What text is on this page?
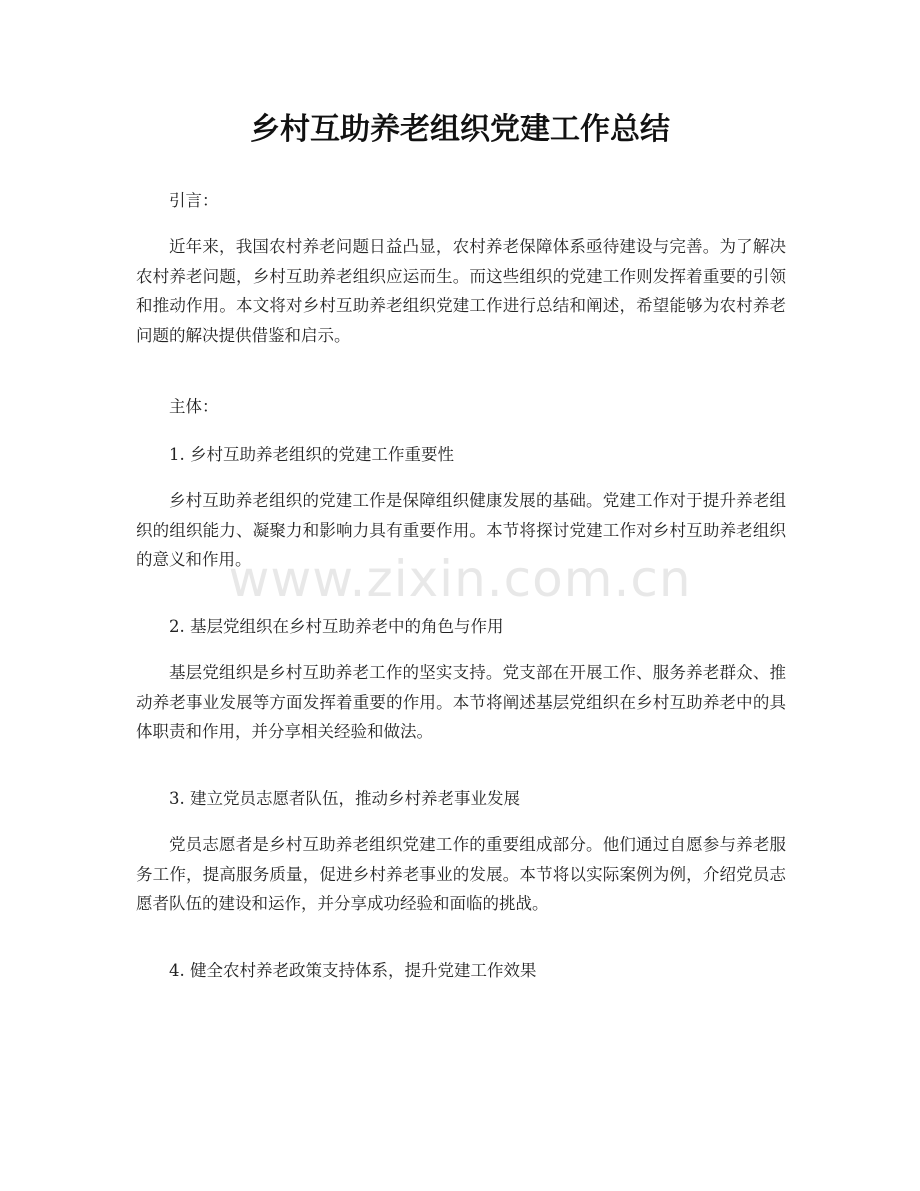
乡村互助养老组织党建工作总结

引言：

近年来，我国农村养老问题日益凸显，农村养老保障体系亟待建设与完善。为了解决农村养老问题，乡村互助养老组织应运而生。而这些组织的党建工作则发挥着重要的引领和推动作用。本文将对乡村互助养老组织党建工作进行总结和阐述，希望能够为农村养老问题的解决提供借鉴和启示。

主体：

1. 乡村互助养老组织的党建工作重要性

乡村互助养老组织的党建工作是保障组织健康发展的基础。党建工作对于提升养老组织的组织能力、凝聚力和影响力具有重要作用。本节将探讨党建工作对乡村互助养老组织的意义和作用。

2. 基层党组织在乡村互助养老中的角色与作用

基层党组织是乡村互助养老工作的坚实支持。党支部在开展工作、服务养老群众、推动养老事业发展等方面发挥着重要的作用。本节将阐述基层党组织在乡村互助养老中的具体职责和作用，并分享相关经验和做法。

3. 建立党员志愿者队伍，推动乡村养老事业发展

党员志愿者是乡村互助养老组织党建工作的重要组成部分。他们通过自愿参与养老服务工作，提高服务质量，促进乡村养老事业的发展。本节将以实际案例为例，介绍党员志愿者队伍的建设和运作，并分享成功经验和面临的挑战。

4. 健全农村养老政策支持体系，提升党建工作效果

www.zixin.com.cn
